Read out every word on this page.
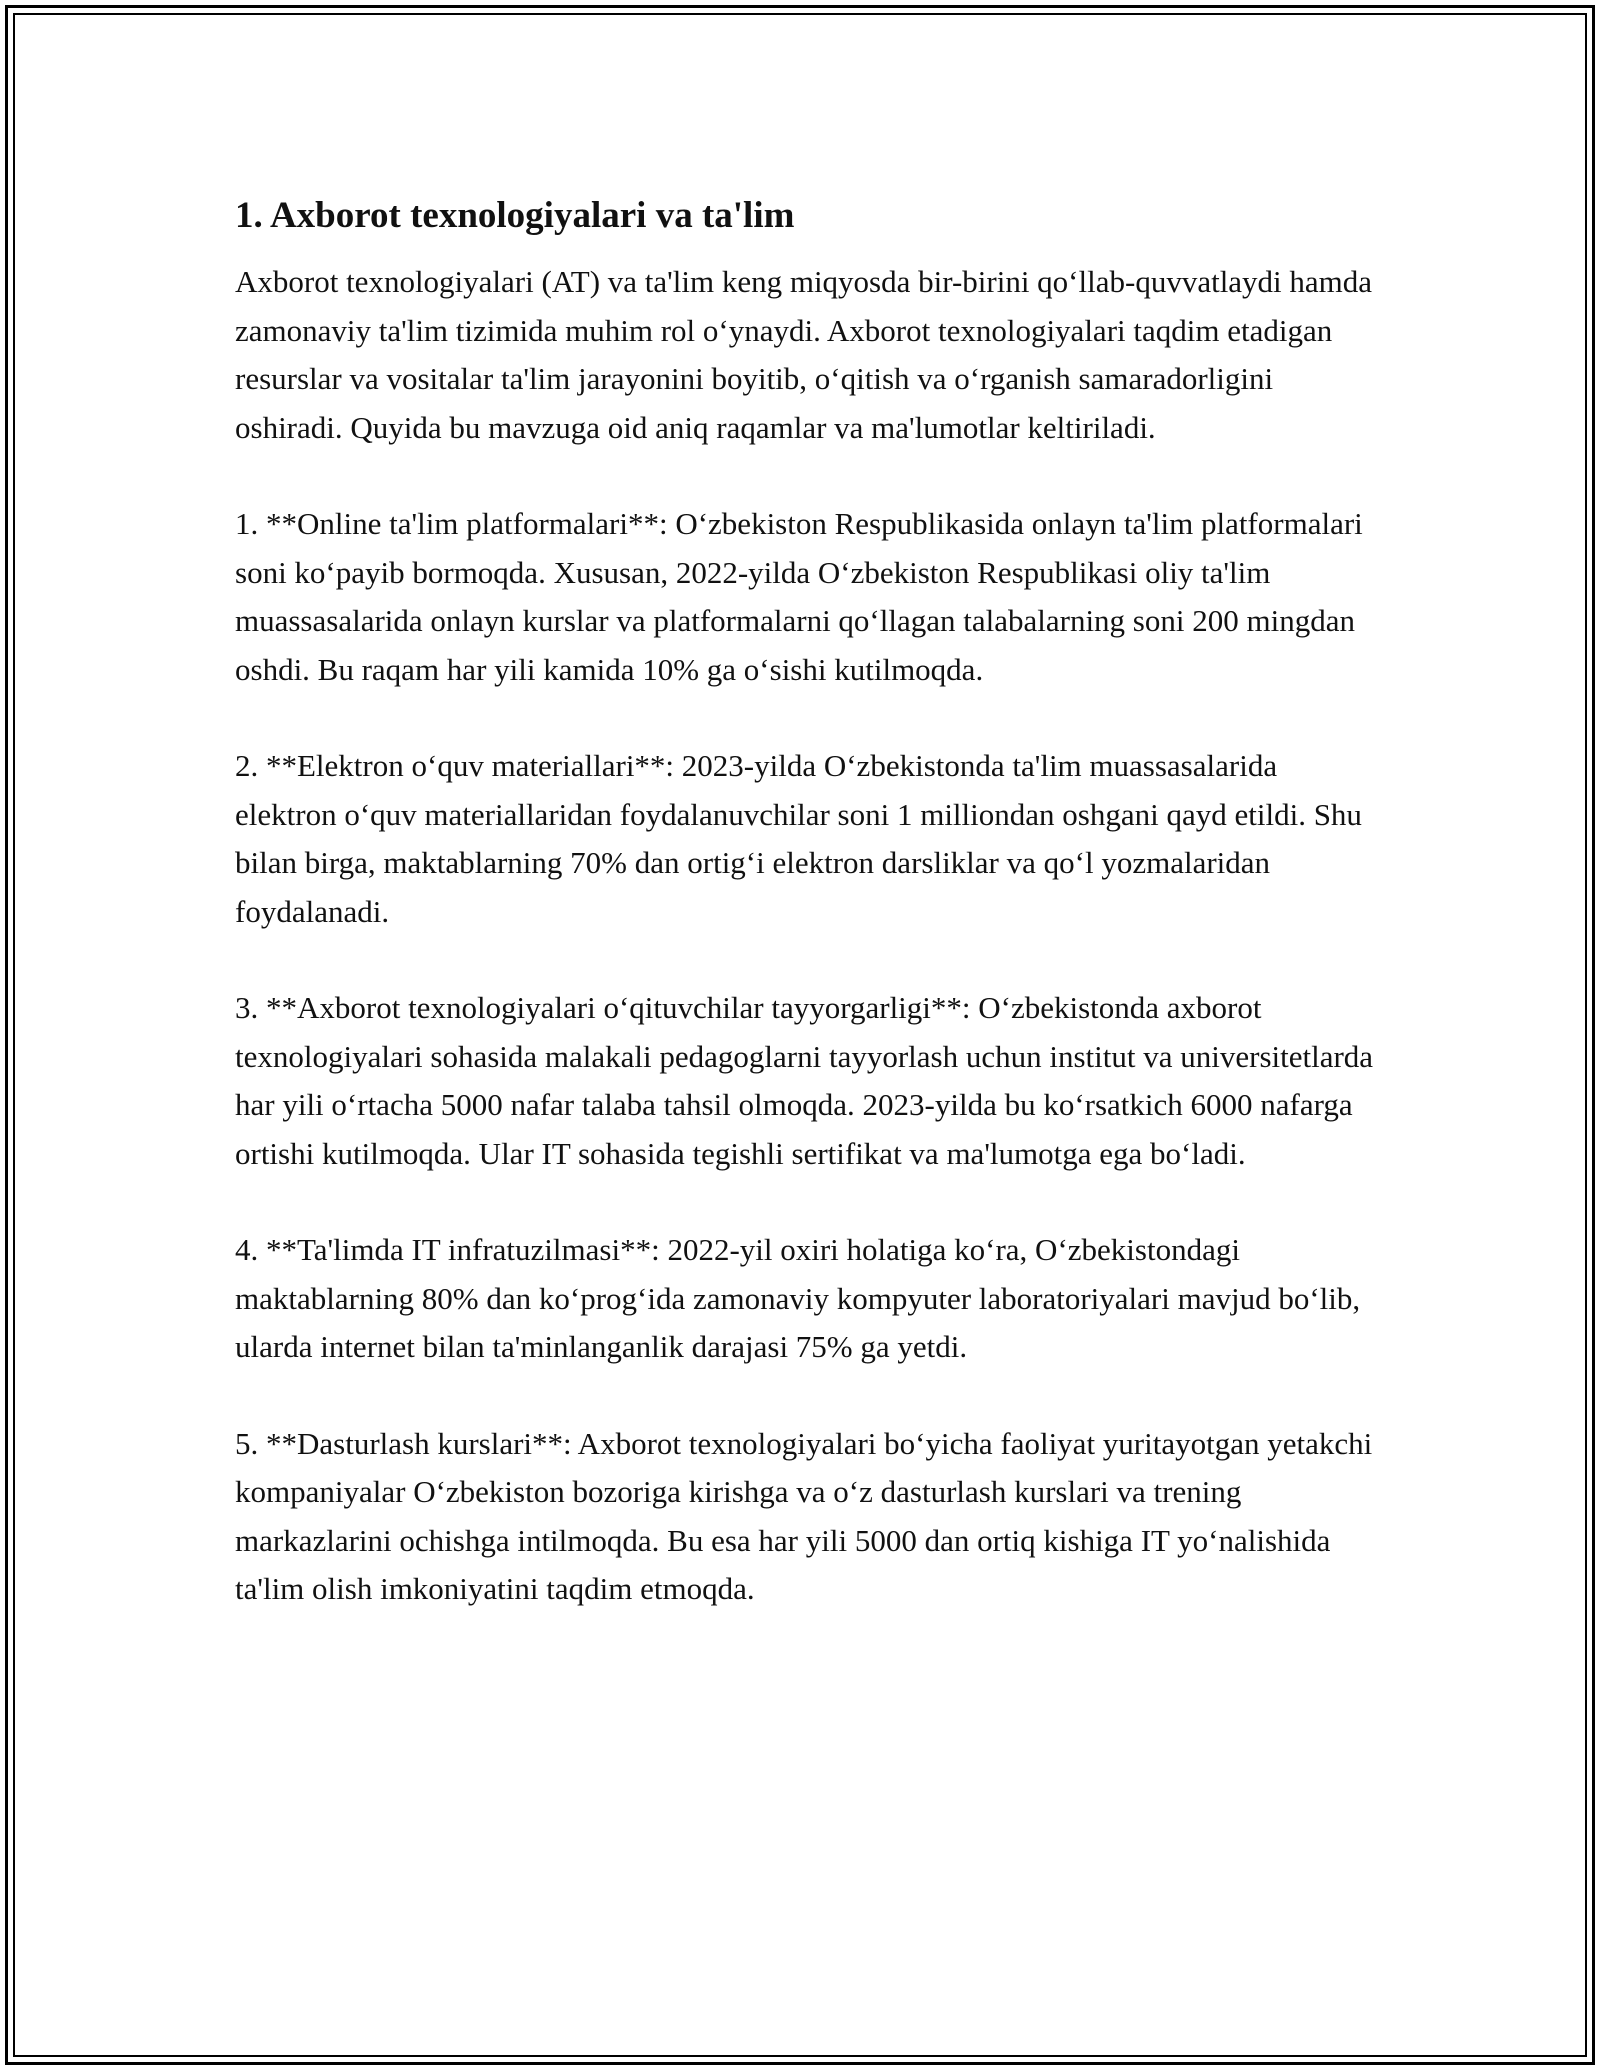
1. Axborot texnologiyalari va ta'lim

Axborot texnologiyalari (AT) va ta'lim keng miqyosda bir-birini qo‘llab-quvvatlaydi hamda zamonaviy ta'lim tizimida muhim rol o‘ynaydi. Axborot texnologiyalari taqdim etadigan resurslar va vositalar ta'lim jarayonini boyitib, o‘qitish va o‘rganish samaradorligini oshiradi. Quyida bu mavzuga oid aniq raqamlar va ma'lumotlar keltiriladi.

1. **Online ta'lim platformalari**: O‘zbekiston Respublikasida onlayn ta'lim platformalari soni ko‘payib bormoqda. Xususan, 2022-yilda O‘zbekiston Respublikasi oliy ta'lim muassasalarida onlayn kurslar va platformalarni qo‘llagan talabalarning soni 200 mingdan oshdi. Bu raqam har yili kamida 10% ga o‘sishi kutilmoqda.

2. **Elektron o‘quv materiallari**: 2023-yilda O‘zbekistonda ta'lim muassasalarida elektron o‘quv materiallaridan foydalanuvchilar soni 1 milliondan oshgani qayd etildi. Shu bilan birga, maktablarning 70% dan ortig‘i elektron darsliklar va qo‘l yozmalaridan foydalanadi.

3. **Axborot texnologiyalari o‘qituvchilar tayyorgarligi**: O‘zbekistonda axborot texnologiyalari sohasida malakali pedagoglarni tayyorlash uchun institut va universitetlarda har yili o‘rtacha 5000 nafar talaba tahsil olmoqda. 2023-yilda bu ko‘rsatkich 6000 nafarga ortishi kutilmoqda. Ular IT sohasida tegishli sertifikat va ma'lumotga ega bo‘ladi.

4. **Ta'limda IT infratuzilmasi**: 2022-yil oxiri holatiga ko‘ra, O‘zbekistondagi maktablarning 80% dan ko‘prog‘ida zamonaviy kompyuter laboratoriyalari mavjud bo‘lib, ularda internet bilan ta'minlanganlik darajasi 75% ga yetdi.

5. **Dasturlash kurslari**: Axborot texnologiyalari bo‘yicha faoliyat yuritayotgan yetakchi kompaniyalar O‘zbekiston bozoriga kirishga va o‘z dasturlash kurslari va trening markazlarini ochishga intilmoqda. Bu esa har yili 5000 dan ortiq kishiga IT yo‘nalishida ta'lim olish imkoniyatini taqdim etmoqda.
